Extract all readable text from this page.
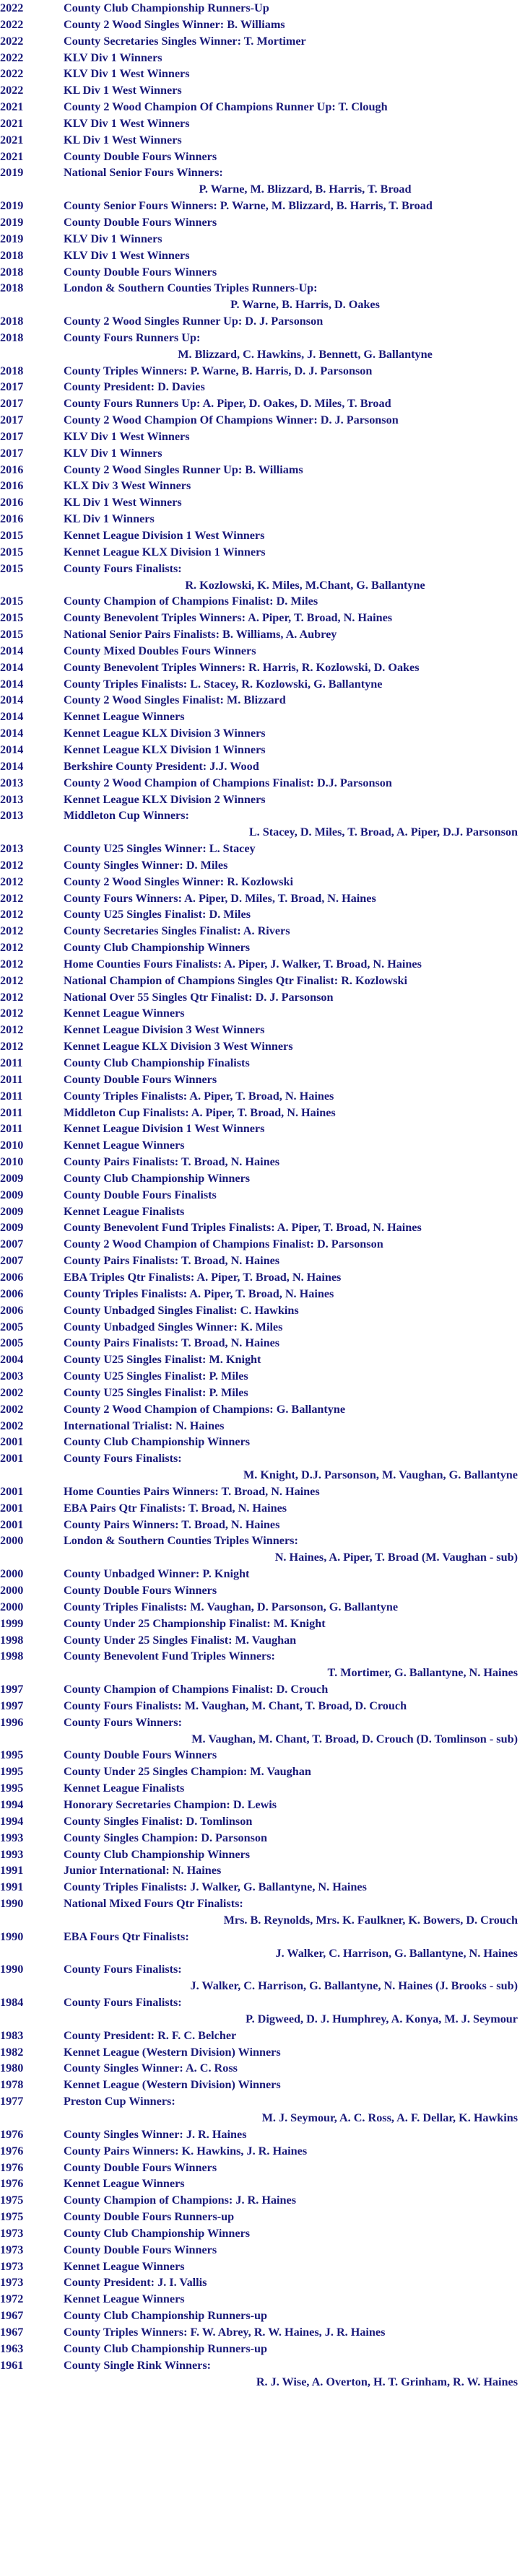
2022	County Club Championship Runners-Up
2022	County 2 Wood Singles Winner: B. Williams
2022	County Secretaries Singles Winner: T. Mortimer
2022	KLV Div 1 Winners
2022	KLV Div 1 West Winners
2022	KL Div 1 West Winners
2021	County 2 Wood Champion Of Champions Runner Up: T. Clough
2021	KLV Div 1 West Winners
2021	KL Div 1 West Winners
2021	County Double Fours Winners
2019	National Senior Fours Winners:
P. Warne, M. Blizzard, B. Harris, T. Broad
2019	County Senior Fours Winners: P. Warne, M. Blizzard, B. Harris, T. Broad
2019	County Double Fours Winners
2019	KLV Div 1 Winners
2018	KLV Div 1 West Winners
2018	County Double Fours Winners
2018	London & Southern Counties Triples Runners-Up:
P. Warne, B. Harris, D. Oakes
2018	County 2 Wood Singles Runner Up: D. J. Parsonson
2018	County Fours Runners Up:
M. Blizzard, C. Hawkins, J. Bennett, G. Ballantyne
2018	County Triples Winners: P. Warne, B. Harris, D. J. Parsonson
2017	County President: D. Davies
2017	County Fours Runners Up: A. Piper, D. Oakes, D. Miles, T. Broad
2017	County 2 Wood Champion Of Champions Winner: D. J. Parsonson
2017	KLV Div 1 West Winners
2017	KLV Div 1 Winners
2016	County 2 Wood Singles Runner Up: B. Williams
2016	KLX Div 3 West Winners
2016	KL Div 1 West Winners
2016	KL Div 1 Winners
2015	Kennet League Division 1 West Winners
2015	Kennet League KLX Division 1 Winners
2015	County Fours Finalists:
R. Kozlowski, K. Miles, M.Chant, G. Ballantyne
2015	County Champion of Champions Finalist: D. Miles
2015	County Benevolent Triples Winners: A. Piper, T. Broad, N. Haines
2015	National Senior Pairs Finalists: B. Williams, A. Aubrey
2014	County Mixed Doubles Fours Winners
2014	County Benevolent Triples Winners: R. Harris, R. Kozlowski, D. Oakes
2014	County Triples Finalists: L. Stacey, R. Kozlowski, G. Ballantyne
2014	County 2 Wood Singles Finalist: M. Blizzard
2014	Kennet League Winners
2014	Kennet League KLX Division 3 Winners
2014	Kennet League KLX Division 1 Winners
2014	Berkshire County President: J.J. Wood
2013	County 2 Wood Champion of Champions Finalist: D.J. Parsonson
2013	Kennet League KLX Division 2 Winners
2013	Middleton Cup Winners:
L. Stacey, D. Miles, T. Broad, A. Piper, D.J. Parsonson
2013	County U25 Singles Winner: L. Stacey
2012	County Singles Winner: D. Miles
2012	County 2 Wood Singles Winner: R. Kozlowski
2012	County Fours Winners: A. Piper, D. Miles, T. Broad, N. Haines
2012	County U25 Singles Finalist: D. Miles
2012	County Secretaries Singles Finalist: A. Rivers
2012	County Club Championship Winners
2012	Home Counties Fours Finalists: A. Piper, J. Walker, T. Broad, N. Haines
2012	National Champion of Champions Singles Qtr Finalist: R. Kozlowski
2012	National Over 55 Singles Qtr Finalist: D. J. Parsonson
2012	Kennet League Winners
2012	Kennet League Division 3 West Winners
2012	Kennet League KLX Division 3 West Winners
2011	County Club Championship Finalists
2011	County Double Fours Winners
2011	County Triples Finalists: A. Piper, T. Broad, N. Haines
2011	Middleton Cup Finalists: A. Piper, T. Broad, N. Haines
2011	Kennet League Division 1 West Winners
2010	Kennet League Winners
2010	County Pairs Finalists: T. Broad, N. Haines
2009	County Club Championship Winners
2009	County Double Fours Finalists
2009	Kennet League Finalists
2009	County Benevolent Fund Triples Finalists: A. Piper, T. Broad, N. Haines
2007	County 2 Wood Champion of Champions Finalist: D. Parsonson
2007	County Pairs Finalists: T. Broad, N. Haines
2006	EBA Triples Qtr Finalists: A. Piper, T. Broad, N. Haines
2006	County Triples Finalists: A. Piper, T. Broad, N. Haines
2006	County Unbadged Singles Finalist: C. Hawkins
2005	County Unbadged Singles Winner: K. Miles
2005	County Pairs Finalists: T. Broad, N. Haines
2004	County U25 Singles Finalist: M. Knight
2003	County U25 Singles Finalist: P. Miles
2002	County U25 Singles Finalist: P. Miles
2002	County 2 Wood Champion of Champions: G. Ballantyne
2002	International Trialist: N. Haines
2001	County Club Championship Winners
2001	County Fours Finalists:
M. Knight, D.J. Parsonson, M. Vaughan, G. Ballantyne
2001	Home Counties Pairs Winners: T. Broad, N. Haines
2001	EBA Pairs Qtr Finalists: T. Broad, N. Haines
2001	County Pairs Winners: T. Broad, N. Haines
2000	London & Southern Counties Triples Winners:
N. Haines, A. Piper, T. Broad (M. Vaughan - sub)
2000	County Unbadged Winner: P. Knight
2000	County Double Fours Winners
2000	County Triples Finalists: M. Vaughan, D. Parsonson, G. Ballantyne
1999	County Under 25 Championship Finalist: M. Knight
1998	County Under 25 Singles Finalist: M. Vaughan
1998	County Benevolent Fund Triples Winners:
T. Mortimer, G. Ballantyne, N. Haines
1997	County Champion of Champions Finalist: D. Crouch
1997	County Fours Finalists: M. Vaughan, M. Chant, T. Broad, D. Crouch
1996	County Fours Winners:
M. Vaughan, M. Chant, T. Broad, D. Crouch (D. Tomlinson - sub)
1995	County Double Fours Winners
1995	County Under 25 Singles Champion: M. Vaughan
1995	Kennet League Finalists
1994	Honorary Secretaries Champion: D. Lewis
1994	County Singles Finalist: D. Tomlinson
1993	County Singles Champion: D. Parsonson
1993	County Club Championship Winners
1991	Junior International: N. Haines
1991	County Triples Finalists: J. Walker, G. Ballantyne, N. Haines
1990	National Mixed Fours Qtr Finalists:
Mrs. B. Reynolds, Mrs. K. Faulkner, K. Bowers, D. Crouch
1990	EBA Fours Qtr Finalists:
J. Walker, C. Harrison, G. Ballantyne, N. Haines
1990	County Fours Finalists:
J. Walker, C. Harrison, G. Ballantyne, N. Haines (J. Brooks - sub)
1984	County Fours Finalists:
P. Digweed, D. J. Humphrey, A. Konya, M. J. Seymour
1983	County President: R. F. C. Belcher
1982	Kennet League (Western Division) Winners
1980	County Singles Winner: A. C. Ross
1978	Kennet League (Western Division) Winners
1977	Preston Cup Winners:
M. J. Seymour, A. C. Ross, A. F. Dellar, K. Hawkins
1976	County Singles Winner: J. R. Haines
1976	County Pairs Winners: K. Hawkins, J. R. Haines
1976	County Double Fours Winners
1976	Kennet League Winners
1975	County Champion of Champions: J. R. Haines
1975	County Double Fours Runners-up
1973	County Club Championship Winners
1973	County Double Fours Winners
1973	Kennet League Winners
1973	County President: J. I. Vallis
1972	Kennet League Winners
1967	County Club Championship Runners-up
1967	County Triples Winners: F. W. Abrey, R. W. Haines, J. R. Haines
1963	County Club Championship Runners-up
1961	County Single Rink Winners:
R. J. Wise, A. Overton, H. T. Grinham, R. W. Haines
